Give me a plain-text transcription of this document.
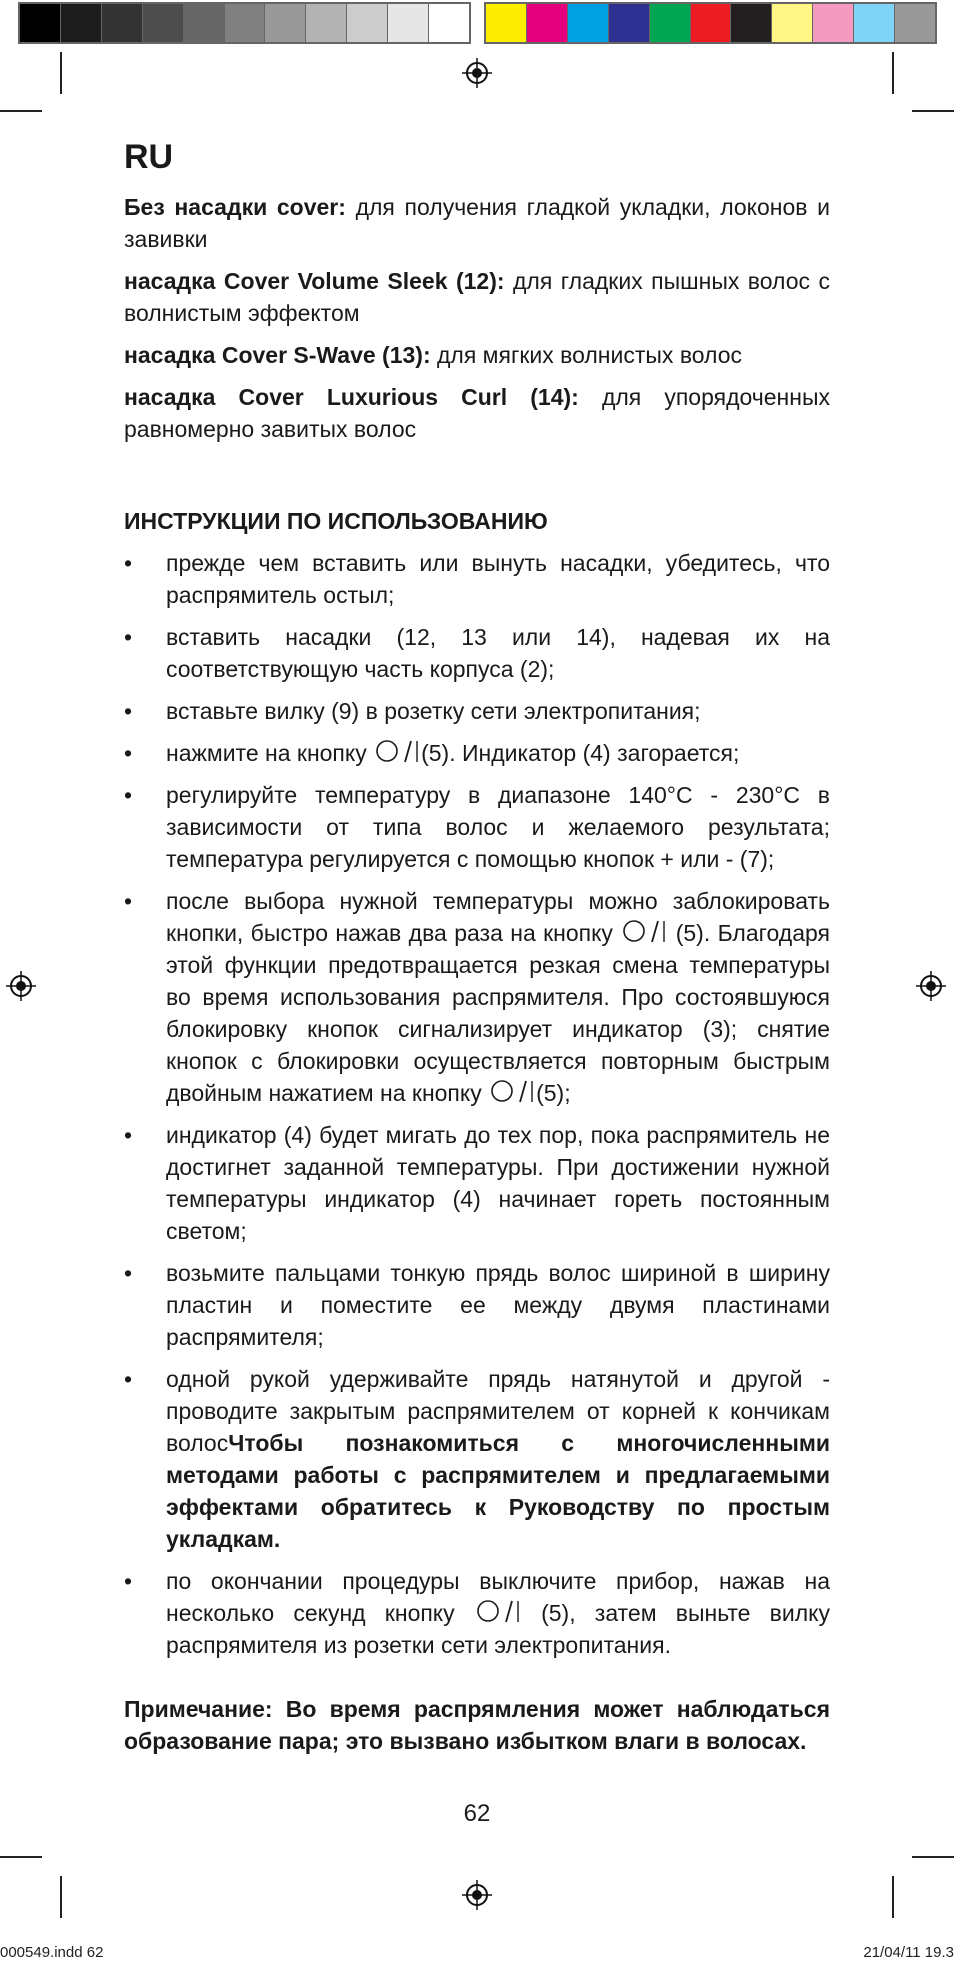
RU

Без насадки cover: для получения гладкой укладки, локонов и завивки

насадка Cover Volume Sleek (12): для гладких пышных волос с волнистым эффектом

насадка Cover S-Wave (13): для мягких волнистых волос

насадка Cover Luxurious Curl (14): для упорядоченных равномерно завитых волос

ИНСТРУКЦИИ ПО ИСПОЛЬЗОВАНИЮ
• прежде чем вставить или вынуть насадки, убедитесь, что распрямитель остыл;
• вставить насадки (12, 13 или 14), надевая их на соответствующую часть корпуса (2);
• вставьте вилку (9) в розетку сети электропитания;
• нажмите на кнопку (5). Индикатор (4) загорается;
• регулируйте температуру в диапазоне 140°C - 230°C в зависимости от типа волос и желаемого результата; температура регулируется с помощью кнопок + или - (7);
• после выбора нужной температуры можно заблокировать кнопки, быстро нажав два раза на кнопку  (5). Благодаря этой функции предотвращается резкая смена температуры во время использования распрямителя. Про состоявшуюся блокировку кнопок сигнализирует индикатор (3); снятие кнопок с блокировки осуществляется повторным быстрым двойным нажатием на кнопку (5);
• индикатор (4) будет мигать до тех пор, пока распрямитель не достигнет заданной температуры. При достижении нужной температуры индикатор (4) начинает гореть постоянным светом;
• возьмите пальцами тонкую прядь волос шириной в ширину пластин и поместите ее между двумя пластинами распрямителя;
• одной рукой удерживайте прядь натянутой и другой - проводите закрытым распрямителем от корней к кончикам волосЧтобы познакомиться с многочисленными методами работы с распрямителем и предлагаемыми эффектами обратитесь к Руководству по простым укладкам.
• по окончании процедуры выключите прибор, нажав на несколько секунд кнопку  (5), затем выньте вилку распрямителя из розетки сети электропитания.

Примечание: Во время распрямления может наблюдаться образование пара; это вызвано избытком влаги в волосах.

62
000549.indd 62	21/04/11 19.3
